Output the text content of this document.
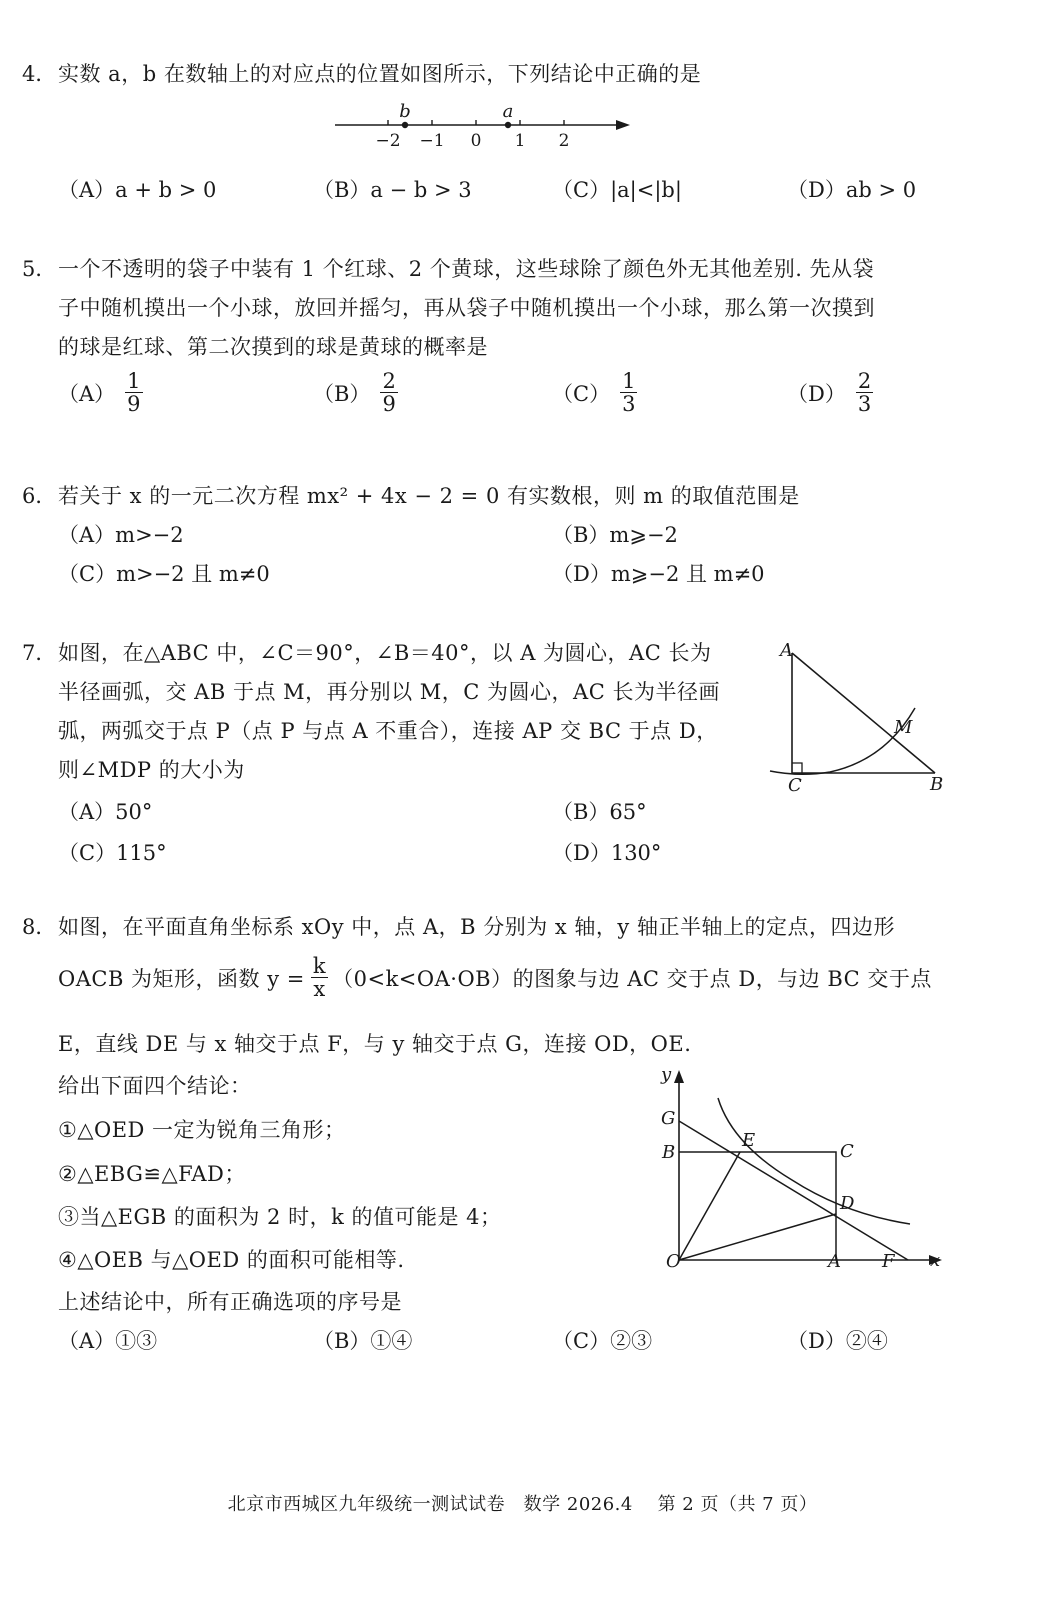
4． 实数 a，b 在数轴上的对应点的位置如图所示，下列结论中正确的是
−2 −1 0 1 2
b	a
（A）a + b > 0	（B）a − b > 3	（C）|a|<|b|	（D）ab > 0
5． 一个不透明的袋子中装有 1 个红球、2 个黄球，这些球除了颜色外无其他差别. 先从袋
子中随机摸出一个小球，放回并摇匀，再从袋子中随机摸出一个小球，那么第一次摸到
的球是红球、第二次摸到的球是黄球的概率是
$(A) \frac{1}{9}$	$(B) \frac{2}{9}$	$(C) \frac{1}{3}$	$(D) \frac{2}{3}$
6． 若关于 x 的一元二次方程 mx² + 4x − 2 = 0 有实数根，则 m 的取值范围是
（A）m>−2	（B）m⩾−2
（C）m>−2 且 m≠0	（D）m⩾−2 且 m≠0
7． 如图，在△ABC 中，∠C＝90°，∠B＝40°，以 A 为圆心，AC 长为
半径画弧，交 AB 于点 M，再分别以 M，C 为圆心，AC 长为半径画
弧，两弧交于点 P（点 P 与点 A 不重合），连接 AP 交 BC 于点 D，
则∠MDP 的大小为
A
B
C
M
（A）50°	（B）65°
（C）115°	（D）130°
8． 如图，在平面直角坐标系 xOy 中，点 A，B 分别为 x 轴，y 轴正半轴上的定点，四边形
OACB 为矩形，函数 $y = \frac{k}{x} (0<k<OA\cdot OB)$的图象与边 AC 交于点 D，与边 BC 交于点
E，直线 DE 与 x 轴交于点 F，与 y 轴交于点 G，连接 OD，OE.
给出下面四个结论：
①△OED 一定为锐角三角形；
②△EBG≌△FAD；
③当△EGB 的面积为 2 时，k 的值可能是 4；
④△OEB 与△OED 的面积可能相等.
上述结论中，所有正确选项的序号是
y
x
O	A
B	C
D
E
F
G
（A）①③	（B）①④	（C）②③	（D）②④
北京市西城区九年级统一测试试卷　数学 2026.4　 第 2 页（共 7 页）
